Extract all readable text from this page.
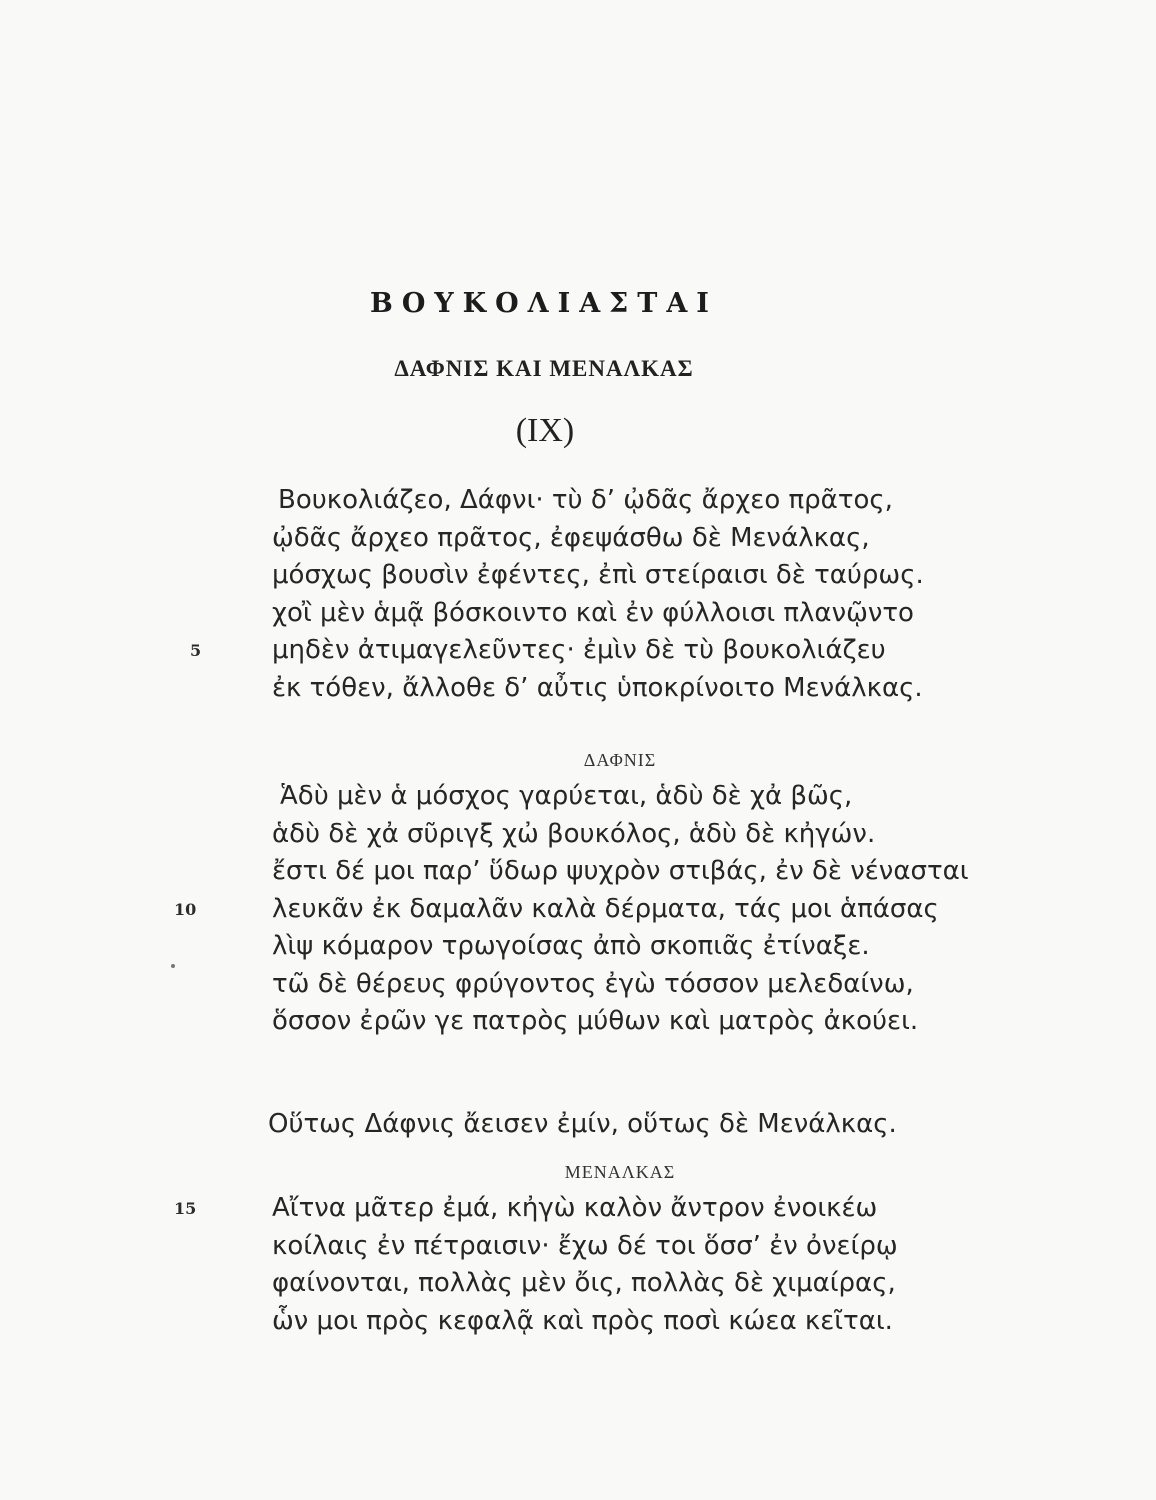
ΒΟΥΚΟΛΙΑΣΤΑΙ
ΔΑΦΝΙΣ ΚΑΙ ΜΕΝΑΛΚΑΣ
(IX)
Βουκολιάζεο, Δάφνι· τὺ δ’ ᾠδᾶς ἄρχεο πρᾶτος,
ᾠδᾶς ἄρχεο πρᾶτος, ἐφεψάσθω δὲ Μενάλκας,
μόσχως βουσὶν ἐφέντες, ἐπὶ στείραισι δὲ ταύρως.
χοἲ μὲν ἁμᾷ βόσκοιντο καὶ ἐν φύλλοισι πλανῷντο
5	μηδὲν ἀτιμαγελεῦντες· ἐμὶν δὲ τὺ βουκολιάζευ
ἐκ τόθεν, ἄλλοθε δ’ αὖτις ὑποκρίνοιτο Μενάλκας.
ΔΑΦΝΙΣ
Ἁδὺ μὲν ἁ μόσχος γαρύεται, ἁδὺ δὲ χἀ βῶς,
ἁδὺ δὲ χἀ σῦριγξ χὠ βουκόλος, ἁδὺ δὲ κἠγών.
ἔστι δέ μοι παρ’ ὕδωρ ψυχρὸν στιβάς, ἐν δὲ νένασται
10	λευκᾶν ἐκ δαμαλᾶν καλὰ δέρματα, τάς μοι ἁπάσας
λὶψ κόμαρον τρωγοίσας ἀπὸ σκοπιᾶς ἐτίναξε.
τῶ δὲ θέρευς φρύγοντος ἐγὼ τόσσον μελεδαίνω,
ὅσσον ἐρῶν γε πατρὸς μύθων καὶ ματρὸς ἀκούει.
Οὕτως Δάφνις ἄεισεν ἐμίν, οὕτως δὲ Μενάλκας.
ΜΕΝΑΛΚΑΣ
15	Αἴτνα μᾶτερ ἐμά, κἠγὼ καλὸν ἄντρον ἐνοικέω
κοίλαις ἐν πέτραισιν· ἔχω δέ τοι ὅσσ’ ἐν ὀνείρῳ
φαίνονται, πολλὰς μὲν ὄις, πολλὰς δὲ χιμαίρας,
ὧν μοι πρὸς κεφαλᾷ καὶ πρὸς ποσὶ κώεα κεῖται.
